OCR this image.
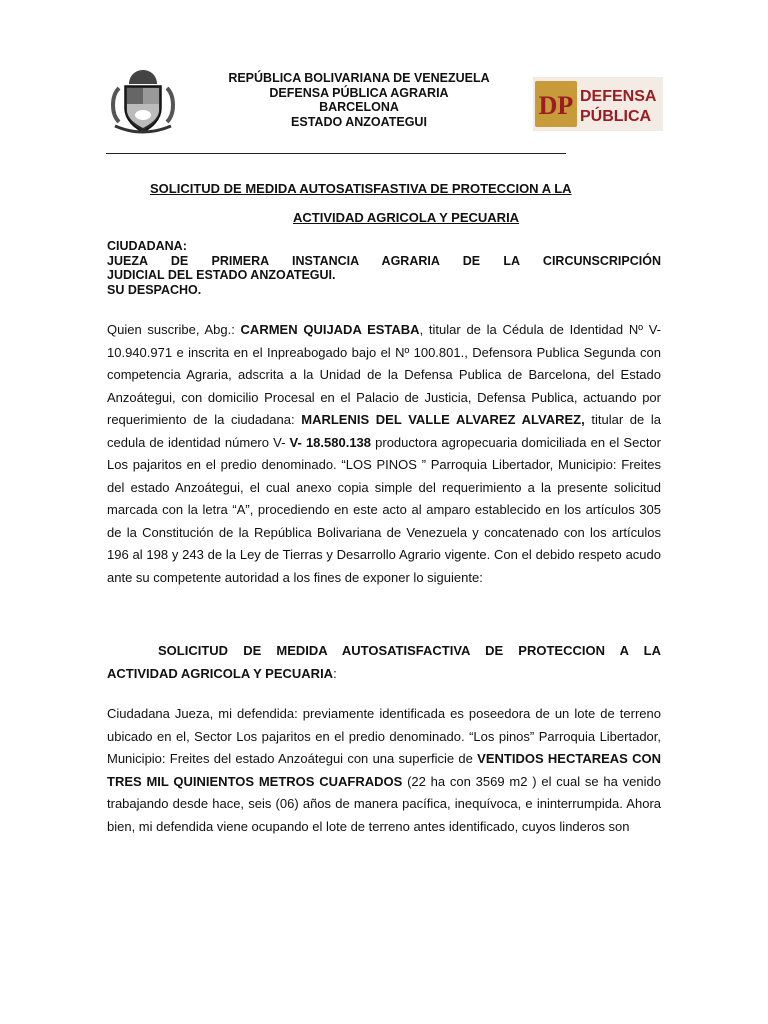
REPÚBLICA BOLIVARIANA DE VENEZUELA
DEFENSA PÚBLICA AGRARIA
BARCELONA
ESTADO ANZOATEGUI
DP DEFENSA
PÚBLICA
SOLICITUD DE MEDIDA AUTOSATISFASTIVA DE PROTECCION A LA
ACTIVIDAD AGRICOLA Y PECUARIA
CIUDADANA:
JUEZA DE PRIMERA INSTANCIA AGRARIA DE LA CIRCUNSCRIPCIÓN
JUDICIAL DEL ESTADO ANZOATEGUI.
SU DESPACHO.
Quien suscribe, Abg.: CARMEN QUIJADA ESTABA, titular de la Cédula de Identidad Nº V-10.940.971 e inscrita en el Inpreabogado bajo el Nº 100.801., Defensora Publica Segunda con competencia Agraria, adscrita a la Unidad de la Defensa Publica de Barcelona, del Estado Anzoátegui, con domicilio Procesal en el Palacio de Justicia, Defensa Publica, actuando por requerimiento de la ciudadana: MARLENIS DEL VALLE ALVAREZ ALVAREZ, titular de la cedula de identidad número V- V- 18.580.138 productora agropecuaria domiciliada en el Sector Los pajaritos en el predio denominado. “LOS PINOS ” Parroquia Libertador, Municipio: Freites del estado Anzoátegui, el cual anexo copia simple del requerimiento a la presente solicitud marcada con la letra “A”, procediendo en este acto al amparo establecido en los artículos 305 de la Constitución de la República Bolivariana de Venezuela y concatenado con los artículos 196 al 198 y 243 de la Ley de Tierras y Desarrollo Agrario vigente. Con el debido respeto acudo ante su competente autoridad a los fines de exponer lo siguiente:
SOLICITUD DE MEDIDA AUTOSATISFACTIVA DE PROTECCION A LA
ACTIVIDAD AGRICOLA Y PECUARIA:
Ciudadana Jueza, mi defendida: previamente identificada es poseedora de un lote de terreno ubicado en el, Sector Los pajaritos en el predio denominado. “Los pinos” Parroquia Libertador, Municipio: Freites del estado Anzoátegui con una superficie de VENTIDOS HECTAREAS CON TRES MIL QUINIENTOS METROS CUAFRADOS (22 ha con 3569 m2 ) el cual se ha venido trabajando desde hace, seis (06) años de manera pacífica, inequívoca, e ininterrumpida. Ahora bien, mi defendida viene ocupando el lote de terreno antes identificado, cuyos linderos son
